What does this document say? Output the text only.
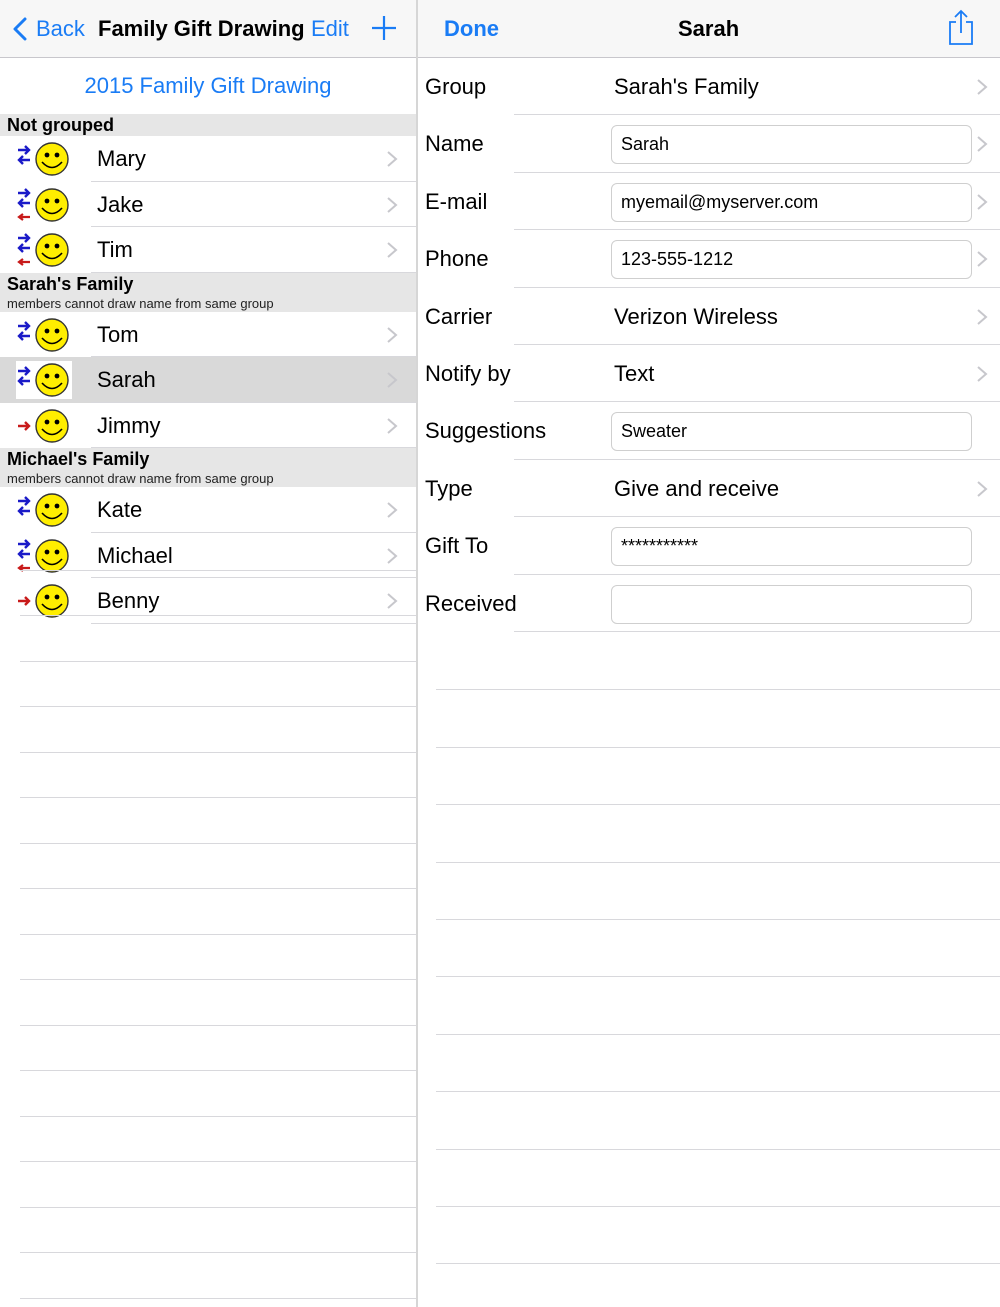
Back Family Gift Drawing Edit	Done	Sarah
2015 Family Gift Drawing
Not grouped
Mary
Jake
Tim
Sarah's Family
members cannot draw name from same group
Tom
Sarah
Jimmy
Michael's Family
members cannot draw name from same group
Kate
Michael
Benny
Group	Sarah's Family
Name	Sarah
E-mail	myemail@myserver.com
Phone	123-555-1212
Carrier	Verizon Wireless
Notify by	Text
Suggestions	Sweater
Type	Give and receive
Gift To	***********
Received
